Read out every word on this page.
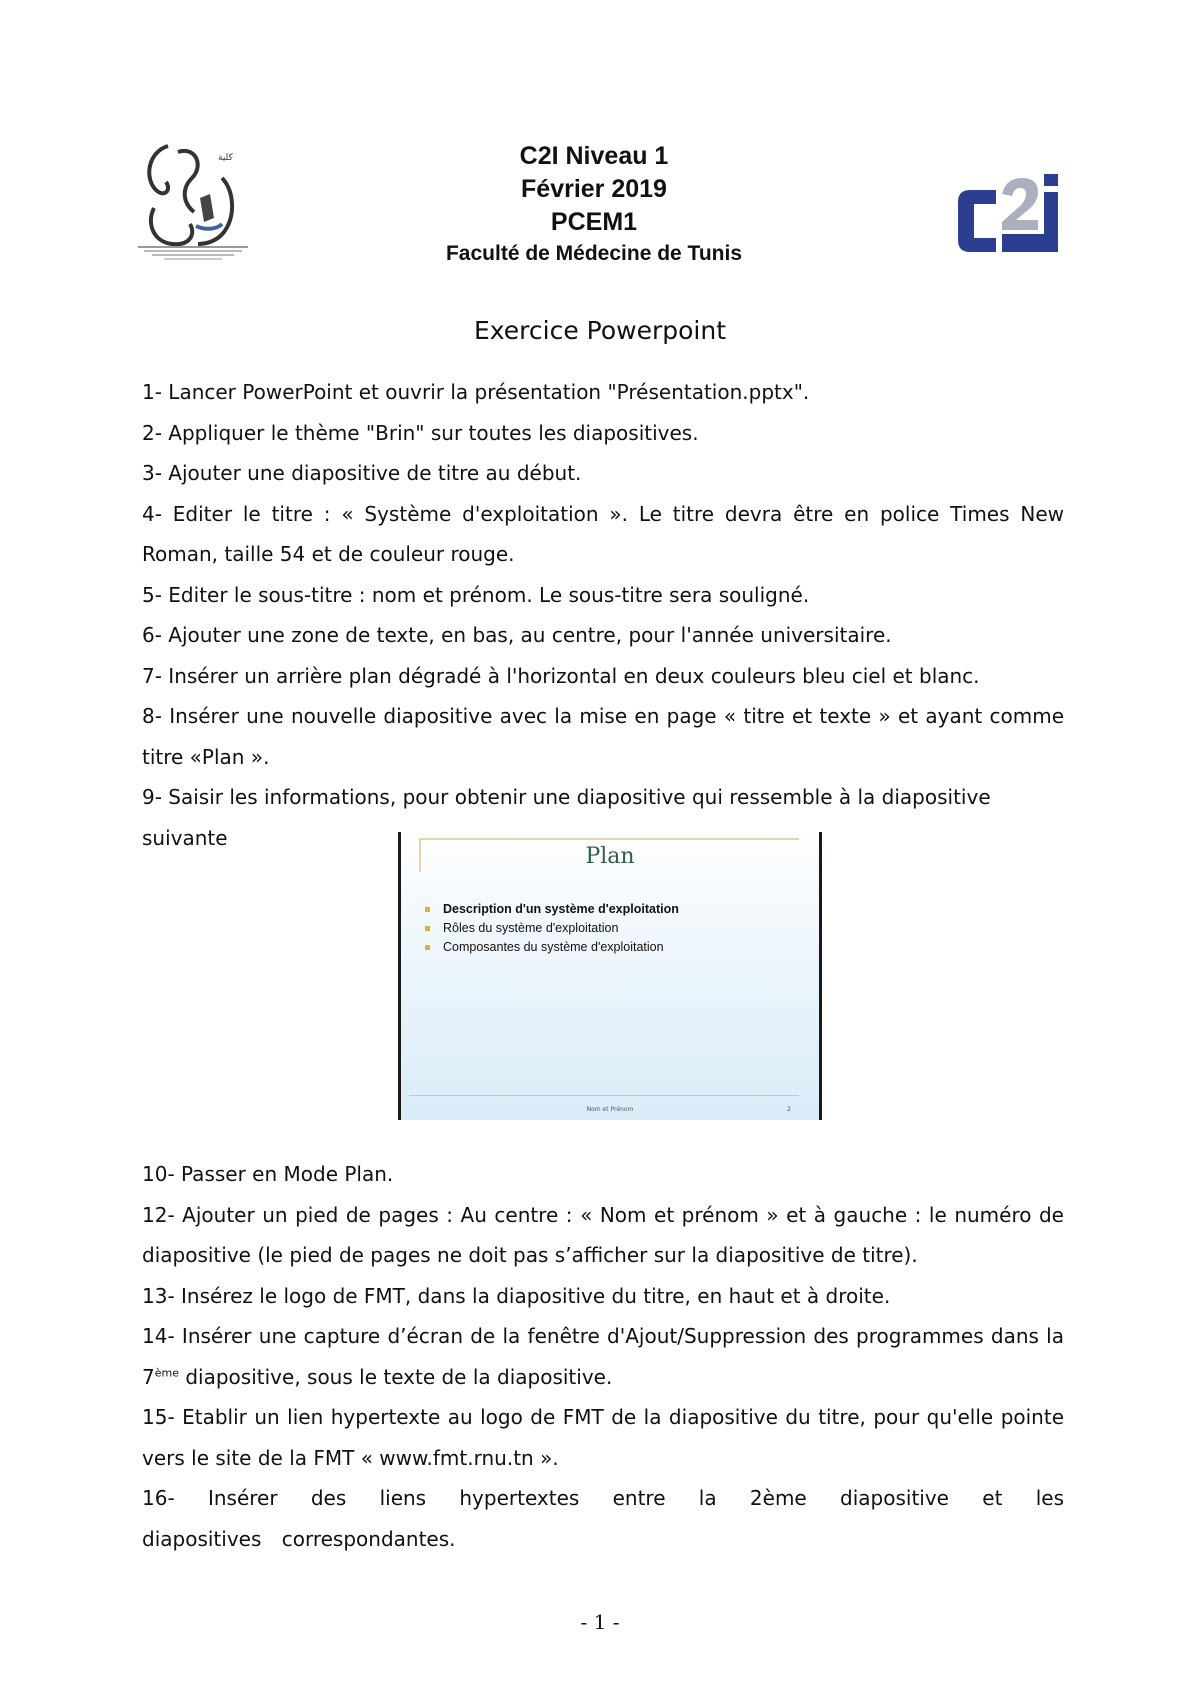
ﻛﻠﻴﺔ	C2I Niveau 1
Février 2019
PCEM1
Faculté de Médecine de Tunis
Exercice Powerpoint

1- Lancer PowerPoint et ouvrir la présentation "Présentation.pptx".

2- Appliquer le thème "Brin" sur toutes les diapositives.

3- Ajouter une diapositive de titre au début.

4- Editer le titre : « Système d'exploitation ». Le titre devra être en police Times New Roman, taille 54 et de couleur rouge.

5- Editer le sous-titre : nom et prénom. Le sous-titre sera souligné.

6- Ajouter une zone de texte, en bas, au centre, pour l'année universitaire.

7- Insérer un arrière plan dégradé à l'horizontal en deux couleurs bleu ciel et blanc.

8- Insérer une nouvelle diapositive avec la mise en page « titre et texte » et ayant comme titre «Plan ».

9- Saisir les informations, pour obtenir une diapositive qui ressemble à la diapositive suivante

Plan
Description d'un système d'exploitation
Rôles du système d'exploitation
Composantes du système d'exploitation
Nom et Prénom	2

10- Passer en Mode Plan.

12- Ajouter un pied de pages : Au centre : « Nom et prénom » et à gauche : le numéro de diapositive (le pied de pages ne doit pas s’afficher sur la diapositive de titre).

13- Insérez le logo de FMT, dans la diapositive du titre, en haut et à droite.

14- Insérer une capture d’écran de la fenêtre d'Ajout/Suppression des programmes dans la 7ème diapositive, sous le texte de la diapositive.

15- Etablir un lien hypertexte au logo de FMT de la diapositive du titre, pour qu'elle pointe vers le site de la FMT « www.fmt.rnu.tn ».

16- Insérer des liens hypertextes entre la 2ème diapositive et les diapositives correspondantes.

- 1 -
